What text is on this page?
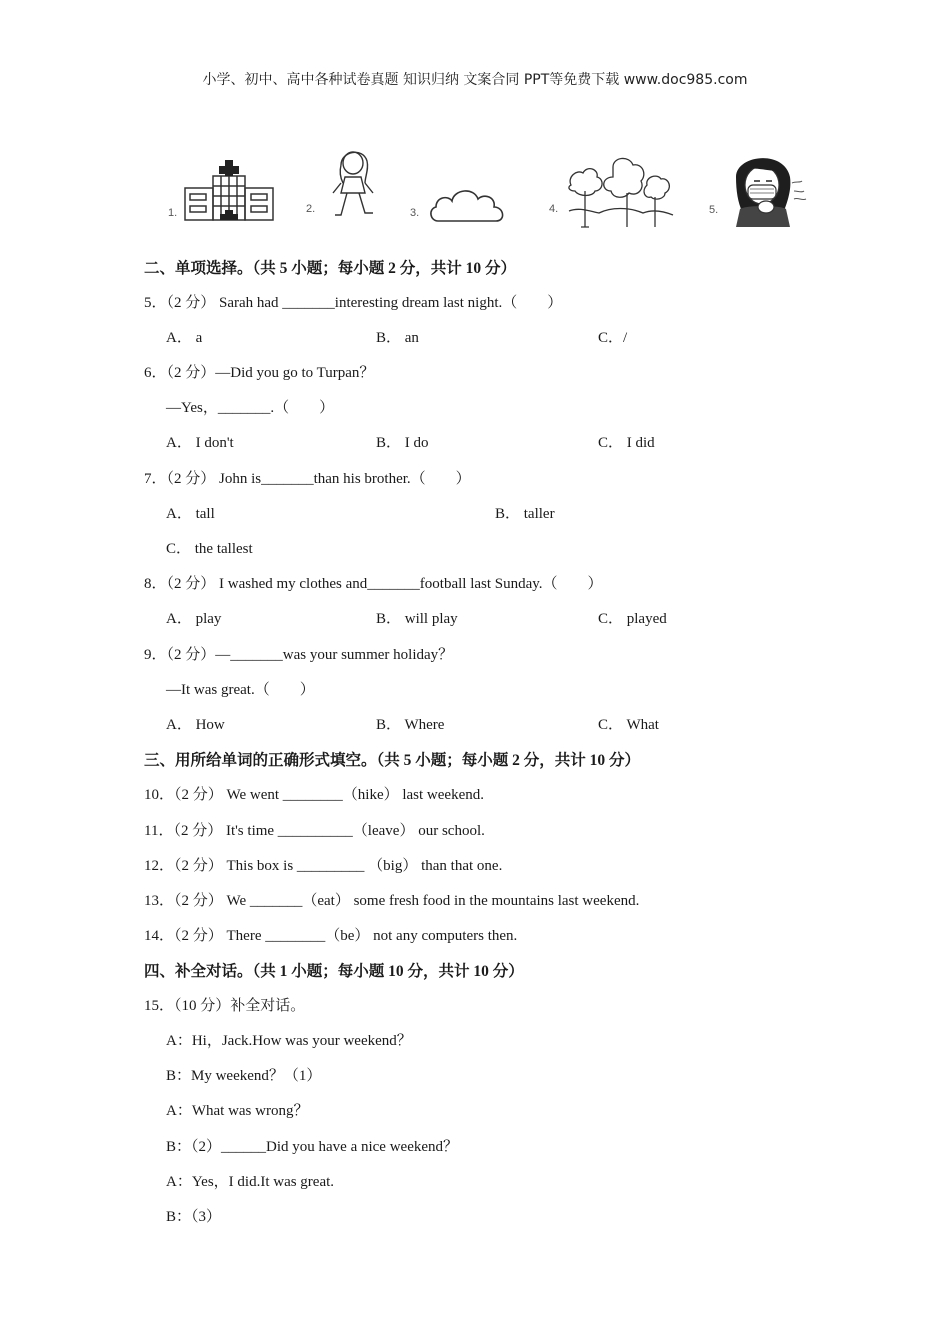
小学、初中、高中各种试卷真题 知识归纳 文案合同 PPT等免费下载 www.doc985.com
1.	2.	3.	4.	5.
二、单项选择。（共 5 小题；每小题 2 分，共计 10 分）
5．（2 分） Sarah had _______interesting dream last night.（　　）
A． a	B． an	C．/
6．（2 分）—Did you go to Turpan？
—Yes，_______.（　　）
A． I don't	B． I do	C． I did
7．（2 分） John is_______than his brother.（　　）
A． tall	B． taller
C． the tallest
8．（2 分） I washed my clothes and_______football last Sunday.（　　）
A． play	B． will play	C． played
9．（2 分）—_______was your summer holiday？
—It was great.（　　）
A． How	B． Where	C． What
三、用所给单词的正确形式填空。（共 5 小题；每小题 2 分，共计 10 分）
10．（2 分） We went ________（hike） last weekend.
11．（2 分） It's time __________（leave） our school.
12．（2 分） This box is _________ （big） than that one.
13．（2 分） We _______（eat） some fresh food in the mountains last weekend.
14．（2 分） There ________（be） not any computers then.
四、补全对话。（共 1 小题；每小题 10 分，共计 10 分）
15．（10 分）补全对话。
A：Hi，Jack.How was your weekend？
B：My weekend？（1）
A：What was wrong？
B：（2）______Did you have a nice weekend？
A：Yes，I did.It was great.
B：（3）
